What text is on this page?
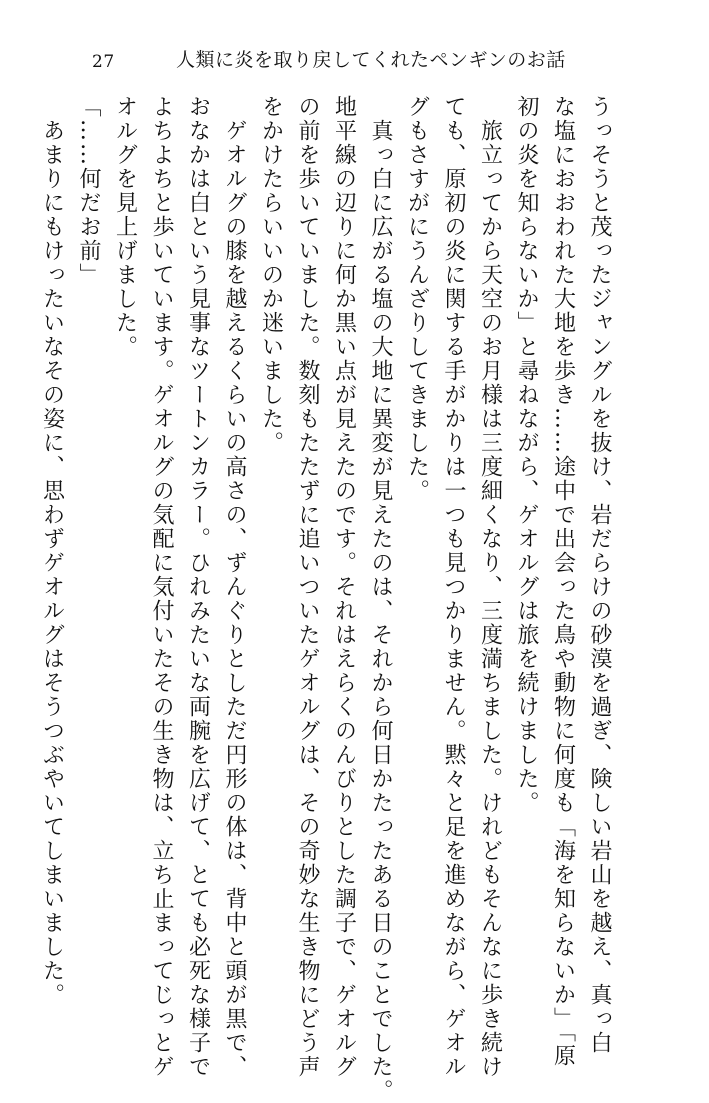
27	人類に炎を取り戻してくれたペンギンのお話
うっそうと茂ったジャングルを抜け、岩だらけの砂漠を過ぎ、険しい岩山を越え、真っ白
な塩におおわれた大地を歩き……途中で出会った鳥や動物に何度も「海を知らないか」「原
初の炎を知らないか」と尋ねながら、ゲオルグは旅を続けました。
　旅立ってから天空のお月様は三度細くなり、三度満ちました。けれどもそんなに歩き続け
ても、原初の炎に関する手がかりは一つも見つかりません。黙々と足を進めながら、ゲオル
グもさすがにうんざりしてきました。
　真っ白に広がる塩の大地に異変が見えたのは、それから何日かたったある日のことでした。
地平線の辺りに何か黒い点が見えたのです。それはえらくのんびりとした調子で、ゲオルグ
の前を歩いていました。数刻もたたずに追いついたゲオルグは、その奇妙な生き物にどう声
をかけたらいいのか迷いました。
　ゲオルグの膝を越えるくらいの高さの、ずんぐりとしただ円形の体は、背中と頭が黒で、
おなかは白という見事なツートンカラー。ひれみたいな両腕を広げて、とても必死な様子で
よちよちと歩いています。ゲオルグの気配に気付いたその生き物は、立ち止まってじっとゲ
オルグを見上げました。
「……何だお前」
　あまりにもけったいなその姿に、思わずゲオルグはそうつぶやいてしまいました。
